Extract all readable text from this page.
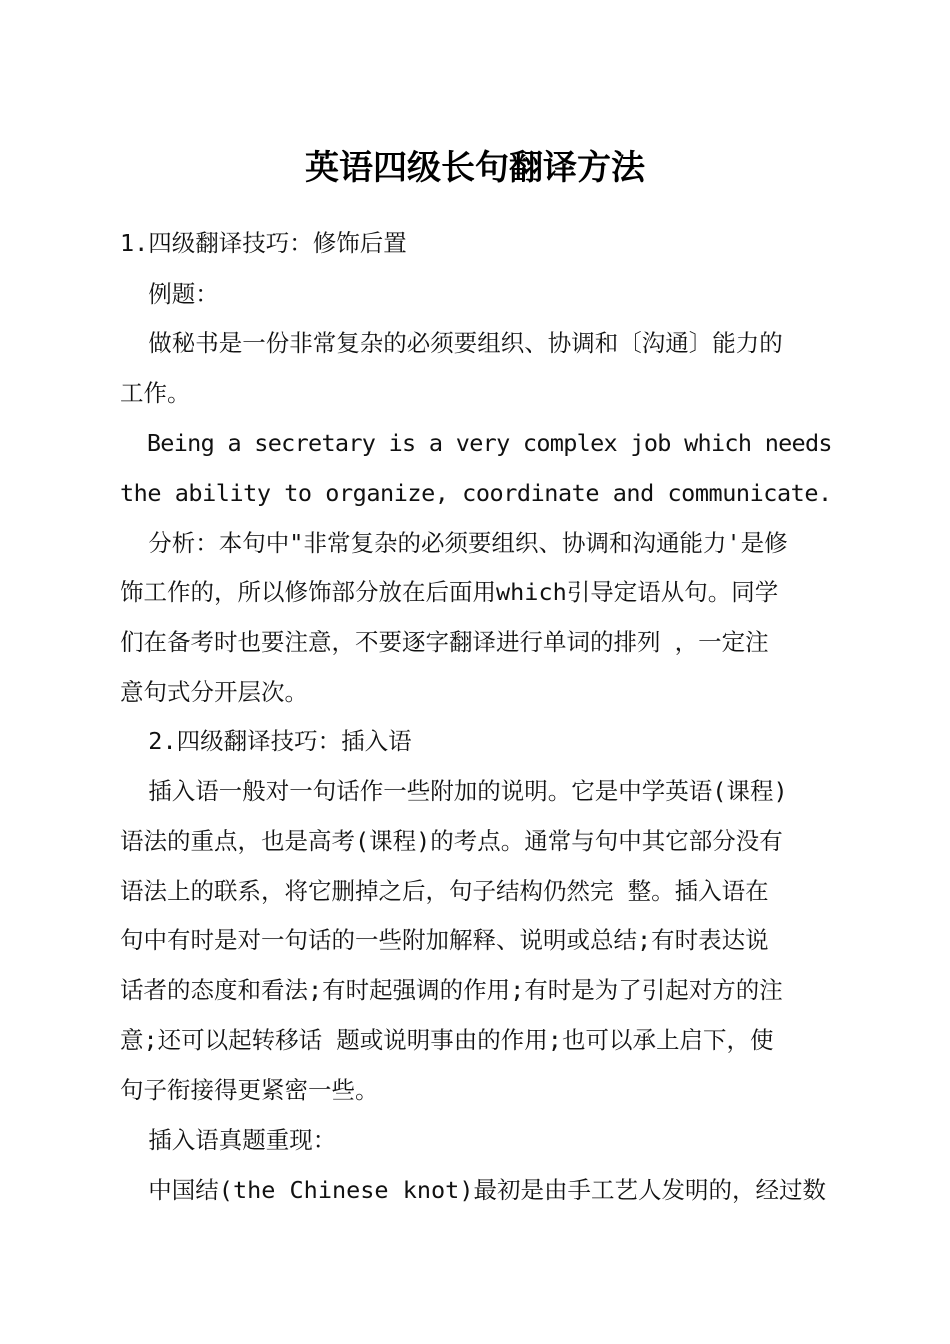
英语四级长句翻译方法
1.四级翻译技巧：修饰后置
例题：
做秘书是一份非常复杂的必须要组织、协调和〔沟通〕能力的
工作。
Being a secretary is a very complex job which needs
the ability to organize, coordinate and communicate.
分析：本句中"非常复杂的必须要组织、协调和沟通能力'是修
饰工作的，所以修饰部分放在后面用which引导定语从句。同学
们在备考时也要注意，不要逐字翻译进行单词的排列 ，一定注
意句式分开层次。
2.四级翻译技巧：插入语
插入语一般对一句话作一些附加的说明。它是中学英语(课程)
语法的重点，也是高考(课程)的考点。通常与句中其它部分没有
语法上的联系，将它删掉之后，句子结构仍然完 整。插入语在
句中有时是对一句话的一些附加解释、说明或总结;有时表达说
话者的态度和看法;有时起强调的作用;有时是为了引起对方的注
意;还可以起转移话 题或说明事由的作用;也可以承上启下，使
句子衔接得更紧密一些。
插入语真题重现：
中国结(the Chinese knot)最初是由手工艺人发明的，经过数
